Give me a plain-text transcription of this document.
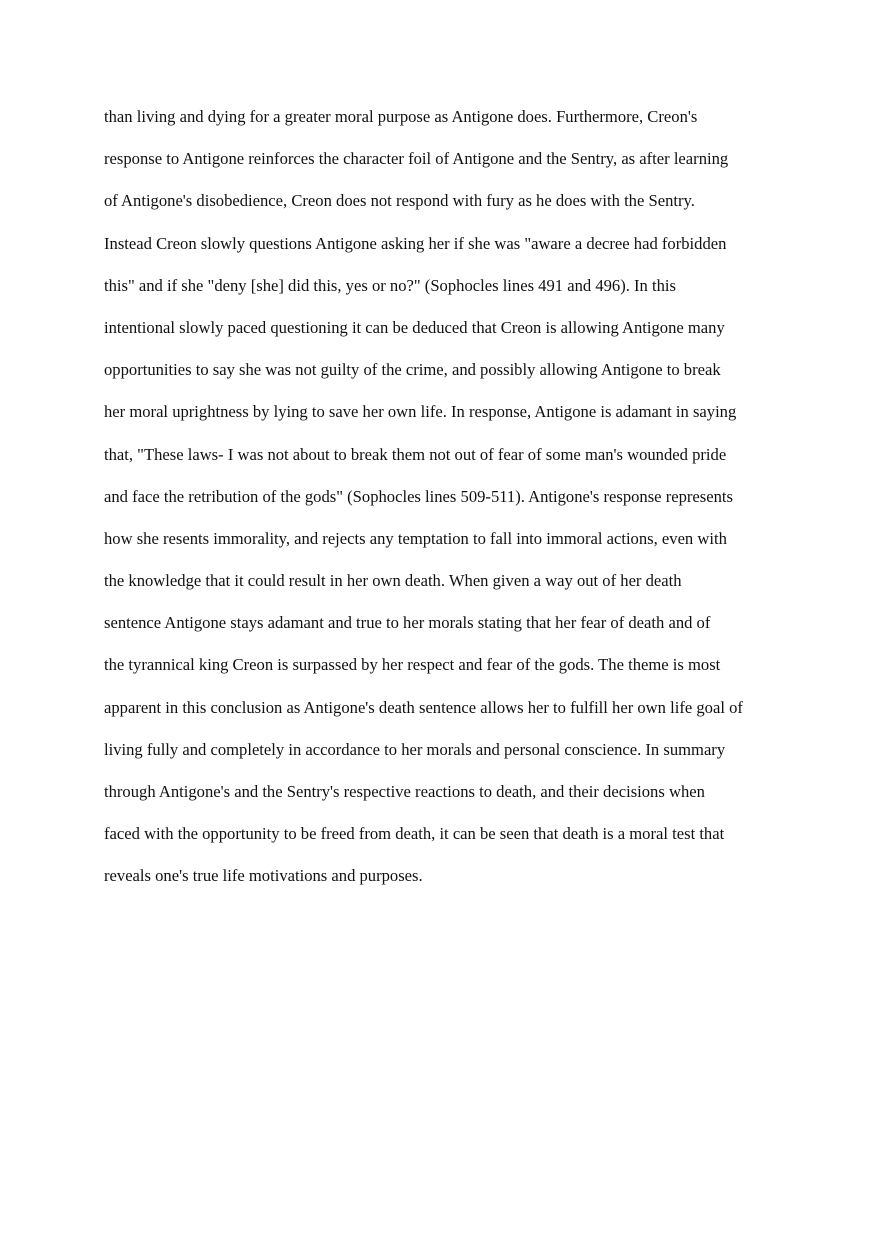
than living and dying for a greater moral purpose as Antigone does. Furthermore, Creon's
response to Antigone reinforces the character foil of Antigone and the Sentry, as after learning
of Antigone's disobedience, Creon does not respond with fury as he does with the Sentry.
Instead Creon slowly questions Antigone asking her if she was "aware a decree had forbidden
this" and if she "deny [she] did this, yes or no?" (Sophocles lines 491 and 496). In this
intentional slowly paced questioning it can be deduced that Creon is allowing Antigone many
opportunities to say she was not guilty of the crime, and possibly allowing Antigone to break
her moral uprightness by lying to save her own life. In response, Antigone is adamant in saying
that, "These laws- I was not about to break them not out of fear of some man's wounded pride
and face the retribution of the gods" (Sophocles lines 509-511). Antigone's response represents
how she resents immorality, and rejects any temptation to fall into immoral actions, even with
the knowledge that it could result in her own death. When given a way out of her death
sentence Antigone stays adamant and true to her morals stating that her fear of death and of
the tyrannical king Creon is surpassed by her respect and fear of the gods. The theme is most
apparent in this conclusion as Antigone's death sentence allows her to fulfill her own life goal of
living fully and completely in accordance to her morals and personal conscience. In summary
through Antigone's and the Sentry's respective reactions to death, and their decisions when
faced with the opportunity to be freed from death, it can be seen that death is a moral test that
reveals one's true life motivations and purposes.
